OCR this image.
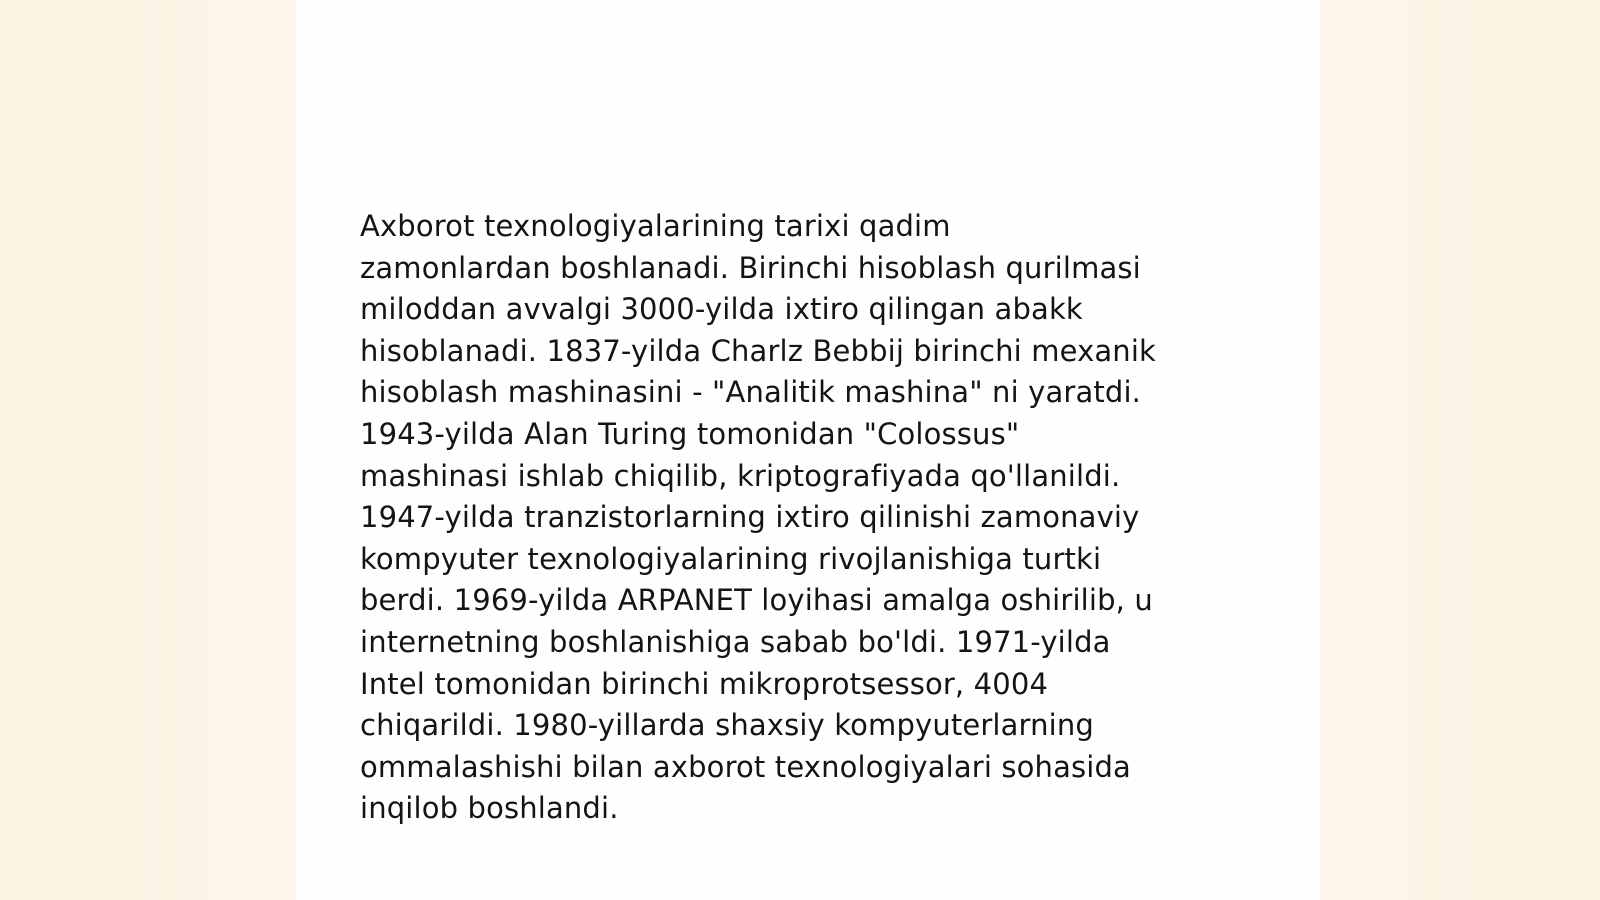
Axborot texnologiyalarining tarixi qadim
zamonlardan boshlanadi. Birinchi hisoblash qurilmasi
miloddan avvalgi 3000-yilda ixtiro qilingan abakk
hisoblanadi. 1837-yilda Charlz Bebbij birinchi mexanik
hisoblash mashinasini - "Analitik mashina" ni yaratdi.
1943-yilda Alan Turing tomonidan "Colossus"
mashinasi ishlab chiqilib, kriptografiyada qo'llanildi.
1947-yilda tranzistorlarning ixtiro qilinishi zamonaviy
kompyuter texnologiyalarining rivojlanishiga turtki
berdi. 1969-yilda ARPANET loyihasi amalga oshirilib, u
internetning boshlanishiga sabab bo'ldi. 1971-yilda
Intel tomonidan birinchi mikroprotsessor, 4004
chiqarildi. 1980-yillarda shaxsiy kompyuterlarning
ommalashishi bilan axborot texnologiyalari sohasida
inqilob boshlandi.
